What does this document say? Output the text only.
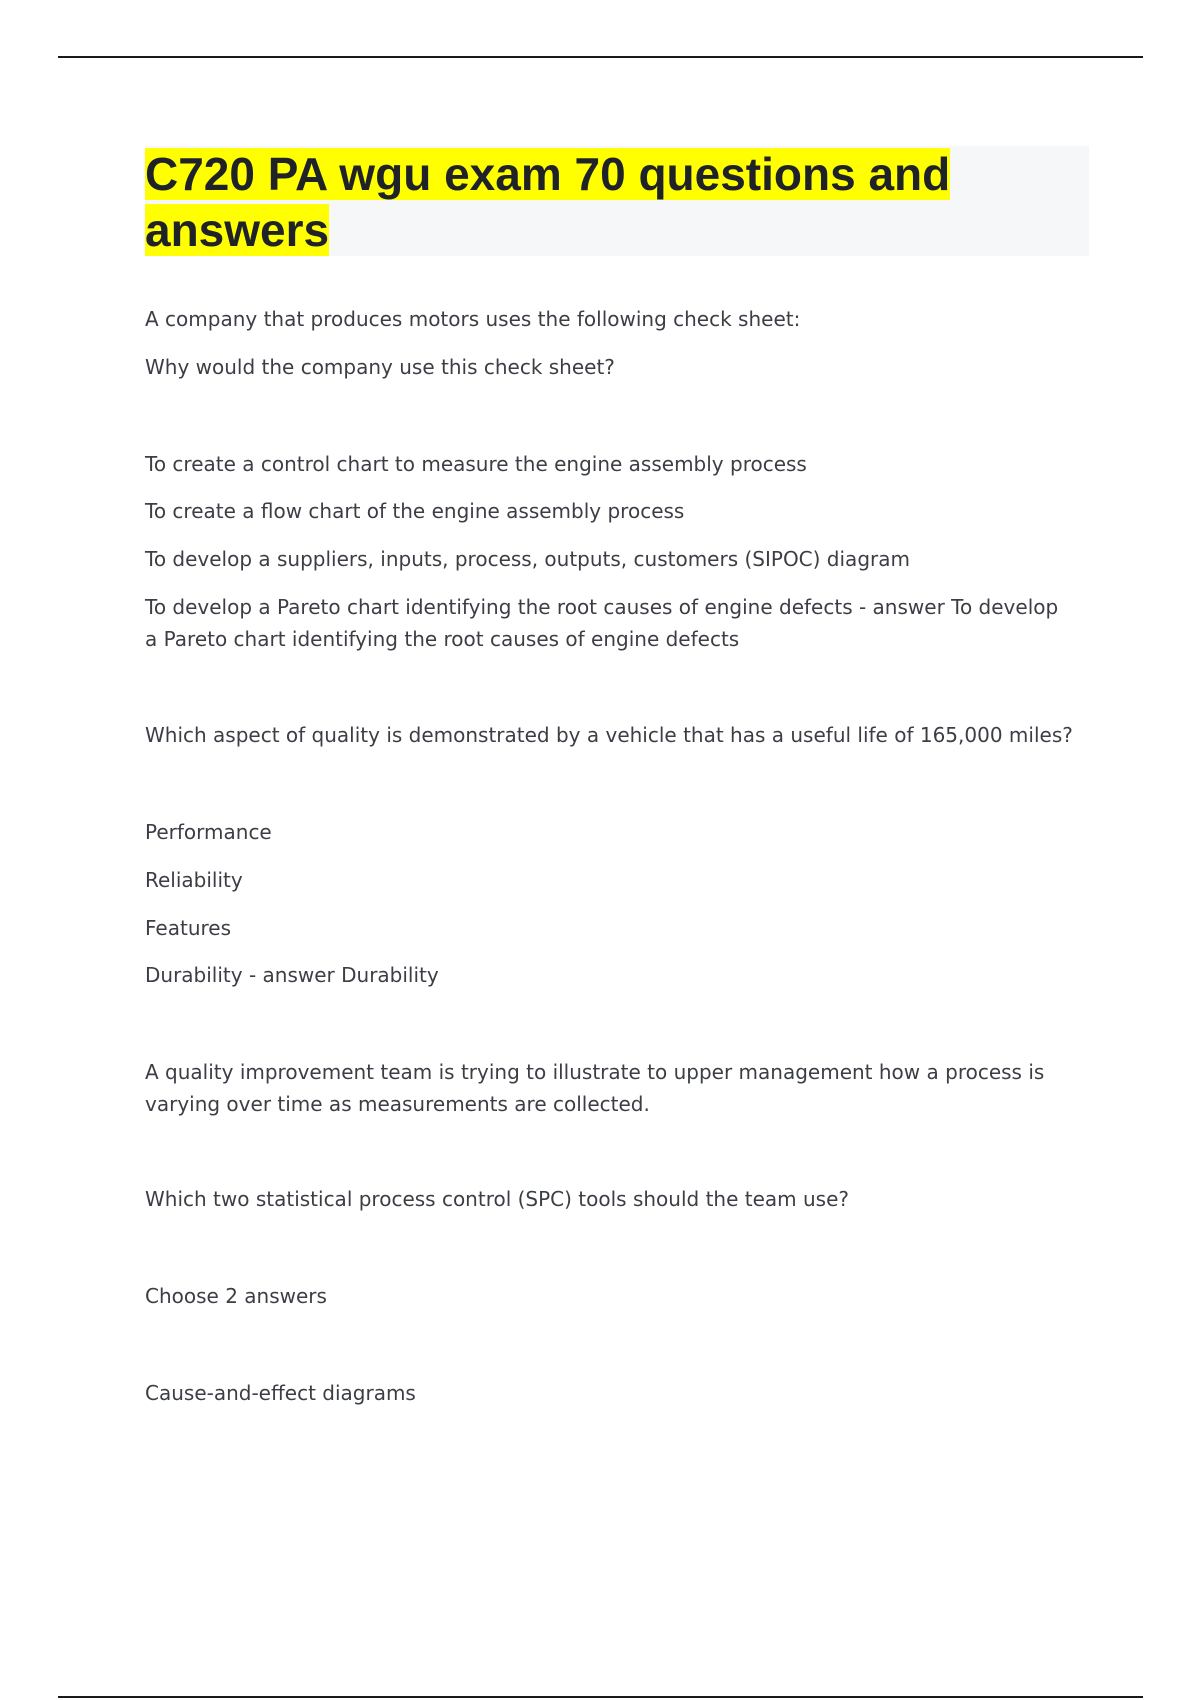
C720 PA wgu exam 70 questions and answers

A company that produces motors uses the following check sheet:

Why would the company use this check sheet?

To create a control chart to measure the engine assembly process

To create a flow chart of the engine assembly process

To develop a suppliers, inputs, process, outputs, customers (SIPOC) diagram

To develop a Pareto chart identifying the root causes of engine defects - answer To develop a Pareto chart identifying the root causes of engine defects

Which aspect of quality is demonstrated by a vehicle that has a useful life of 165,000 miles?

Performance

Reliability

Features

Durability - answer Durability

A quality improvement team is trying to illustrate to upper management how a process is varying over time as measurements are collected.

Which two statistical process control (SPC) tools should the team use?

Choose 2 answers

Cause-and-effect diagrams
